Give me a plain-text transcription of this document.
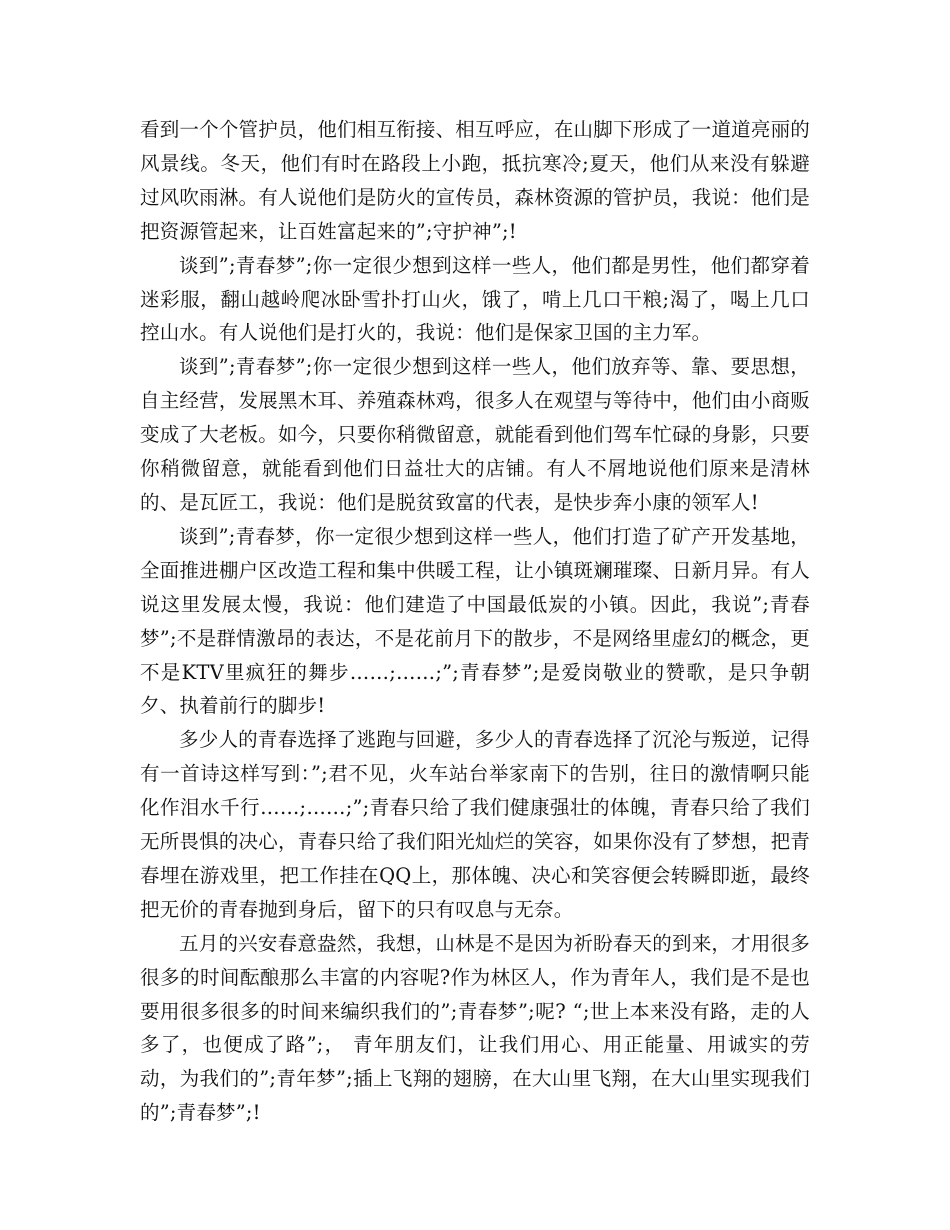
看到一个个管护员，他们相互衔接、相互呼应，在山脚下形成了一道道亮丽的风景线。冬天，他们有时在路段上小跑，抵抗寒冷;夏天，他们从来没有躲避过风吹雨淋。有人说他们是防火的宣传员，森林资源的管护员，我说：他们是把资源管起来，让百姓富起来的”;守护神”;!

谈到”;青春梦”;你一定很少想到这样一些人，他们都是男性，他们都穿着迷彩服，翻山越岭爬冰卧雪扑打山火，饿了，啃上几口干粮;渴了，喝上几口控山水。有人说他们是打火的，我说：他们是保家卫国的主力军。

谈到”;青春梦”;你一定很少想到这样一些人，他们放弃等、靠、要思想，自主经营，发展黑木耳、养殖森林鸡，很多人在观望与等待中，他们由小商贩变成了大老板。如今，只要你稍微留意，就能看到他们驾车忙碌的身影，只要你稍微留意，就能看到他们日益壮大的店铺。有人不屑地说他们原来是清林的、是瓦匠工，我说：他们是脱贫致富的代表，是快步奔小康的领军人!

谈到”;青春梦，你一定很少想到这样一些人，他们打造了矿产开发基地，全面推进棚户区改造工程和集中供暖工程，让小镇斑斓璀璨、日新月异。有人说这里发展太慢，我说：他们建造了中国最低炭的小镇。因此，我说”;青春梦”;不是群情激昂的表达，不是花前月下的散步，不是网络里虚幻的概念，更不是KTV里疯狂的舞步……;……;”;青春梦”;是爱岗敬业的赞歌，是只争朝夕、执着前行的脚步!

多少人的青春选择了逃跑与回避，多少人的青春选择了沉沦与叛逆，记得有一首诗这样写到：”;君不见，火车站台举家南下的告别，往日的激情啊只能化作泪水千行……;……;”;青春只给了我们健康强壮的体魄，青春只给了我们无所畏惧的决心，青春只给了我们阳光灿烂的笑容，如果你没有了梦想，把青春埋在游戏里，把工作挂在QQ上，那体魄、决心和笑容便会转瞬即逝，最终把无价的青春抛到身后，留下的只有叹息与无奈。

五月的兴安春意盎然，我想，山林是不是因为祈盼春天的到来，才用很多很多的时间酝酿那么丰富的内容呢?作为林区人，作为青年人，我们是不是也要用很多很多的时间来编织我们的”;青春梦”;呢? “;世上本来没有路，走的人多了，也便成了路”;， 青年朋友们，让我们用心、用正能量、用诚实的劳动，为我们的”;青年梦”;插上飞翔的翅膀，在大山里飞翔，在大山里实现我们的”;青春梦”;!
